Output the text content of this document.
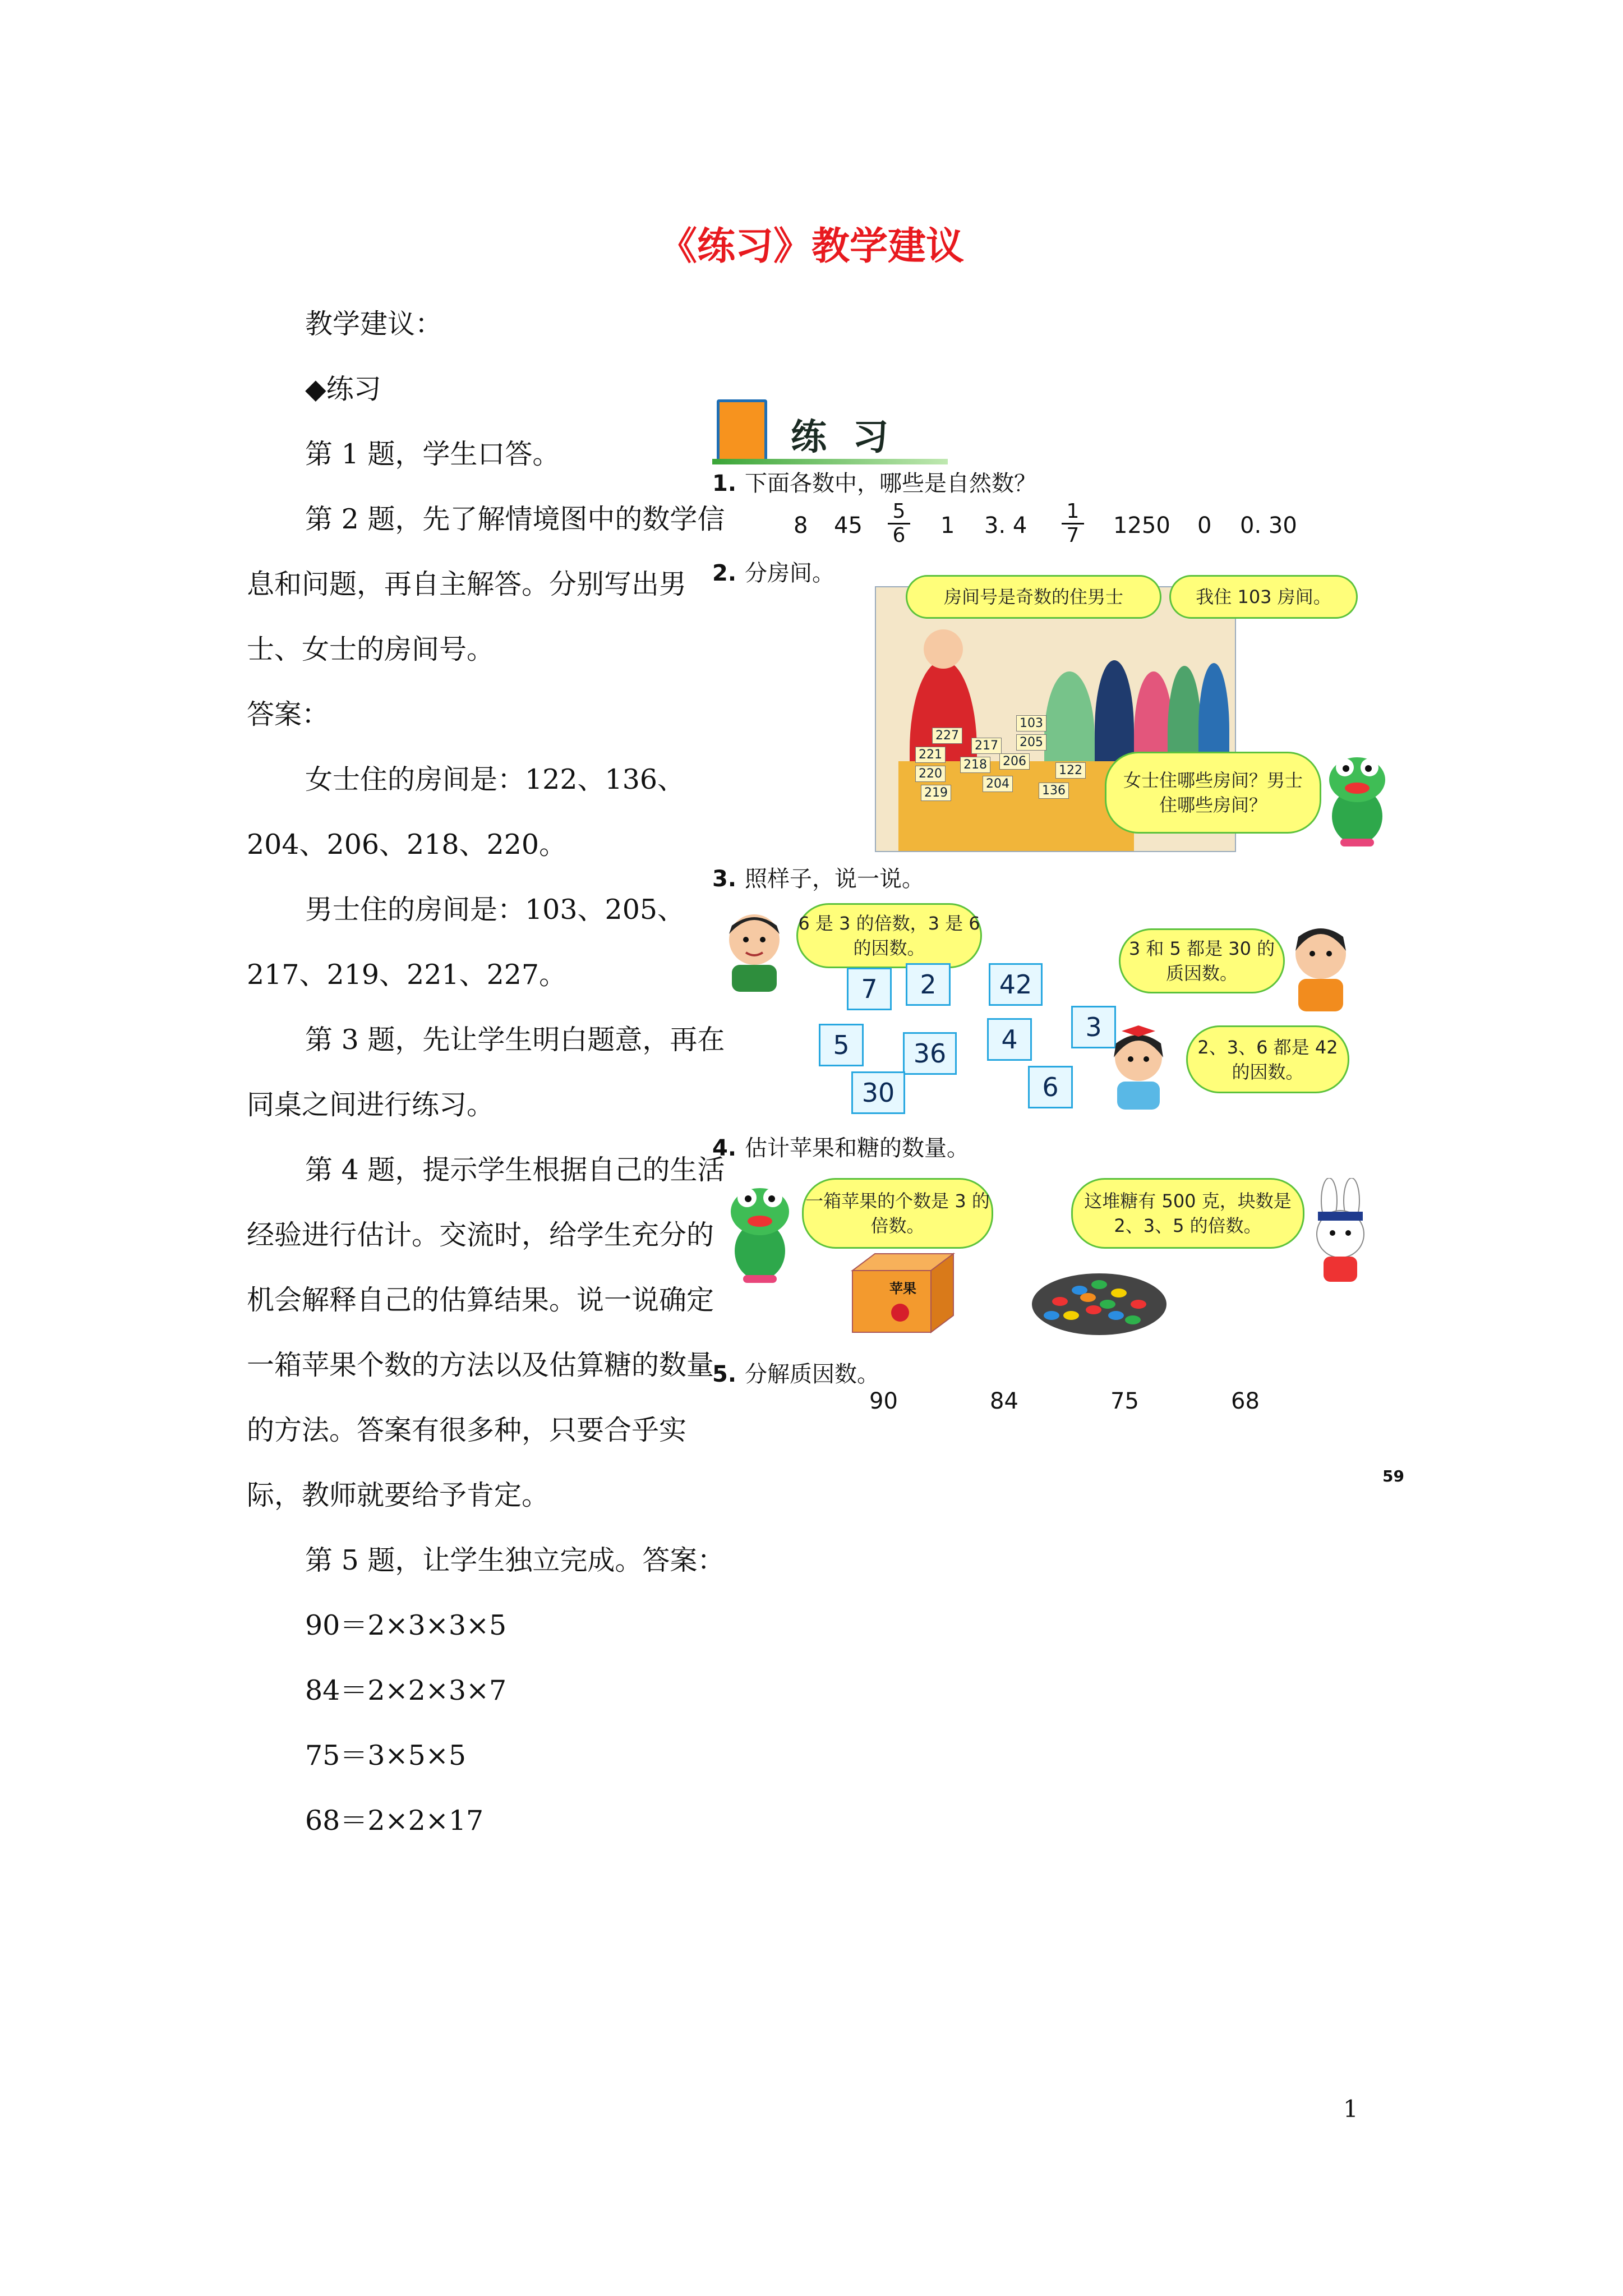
《练习》教学建议

教学建议：

◆练习

第 1 题，学生口答。

第 2 题，先了解情境图中的数学信息和问题，再自主解答。分别写出男士、女士的房间号。

答案：

女士住的房间是：122、136、204、206、218、220。

男士住的房间是：103、205、217、219、221、227。

第 3 题，先让学生明白题意，再在同桌之间进行练习。

第 4 题，提示学生根据自己的生活经验进行估计。交流时，给学生充分的机会解释自己的估算结果。说一说确定一箱苹果个数的方法以及估算糖的数量的方法。答案有很多种，只要合乎实际，教师就要给予肯定。

第 5 题，让学生独立完成。答案：

90＝2×3×3×5

84＝2×2×3×7

75＝3×5×5

68＝2×2×17

练 习
1. 下面各数中，哪些是自然数？
8 $45 \frac{5}{6} 1$ 3. $4 \frac{1}{7} 1250$ 0 0. 30
2. 分房间。
227
103
217 205
221
218 206
122
220
204
219	136
房间号是奇数的住男士	我住 103 房间。
女士住哪些房间？男士住哪些房间？
3. 照样子，说一说。
6 是 3 的倍数，3 是 6 的因数。	3 和 5 都是 30 的质因数。
7	2	42
3
5	36	4
30	6
2、3、6 都是 42 的因数。
4. 估计苹果和糖的数量。
一箱苹果的个数是 3 的倍数。
这堆糖有 500 克，块数是 2、3、5 的倍数。
苹果
5. 分解质因数。
90	84	75	68
59
1
